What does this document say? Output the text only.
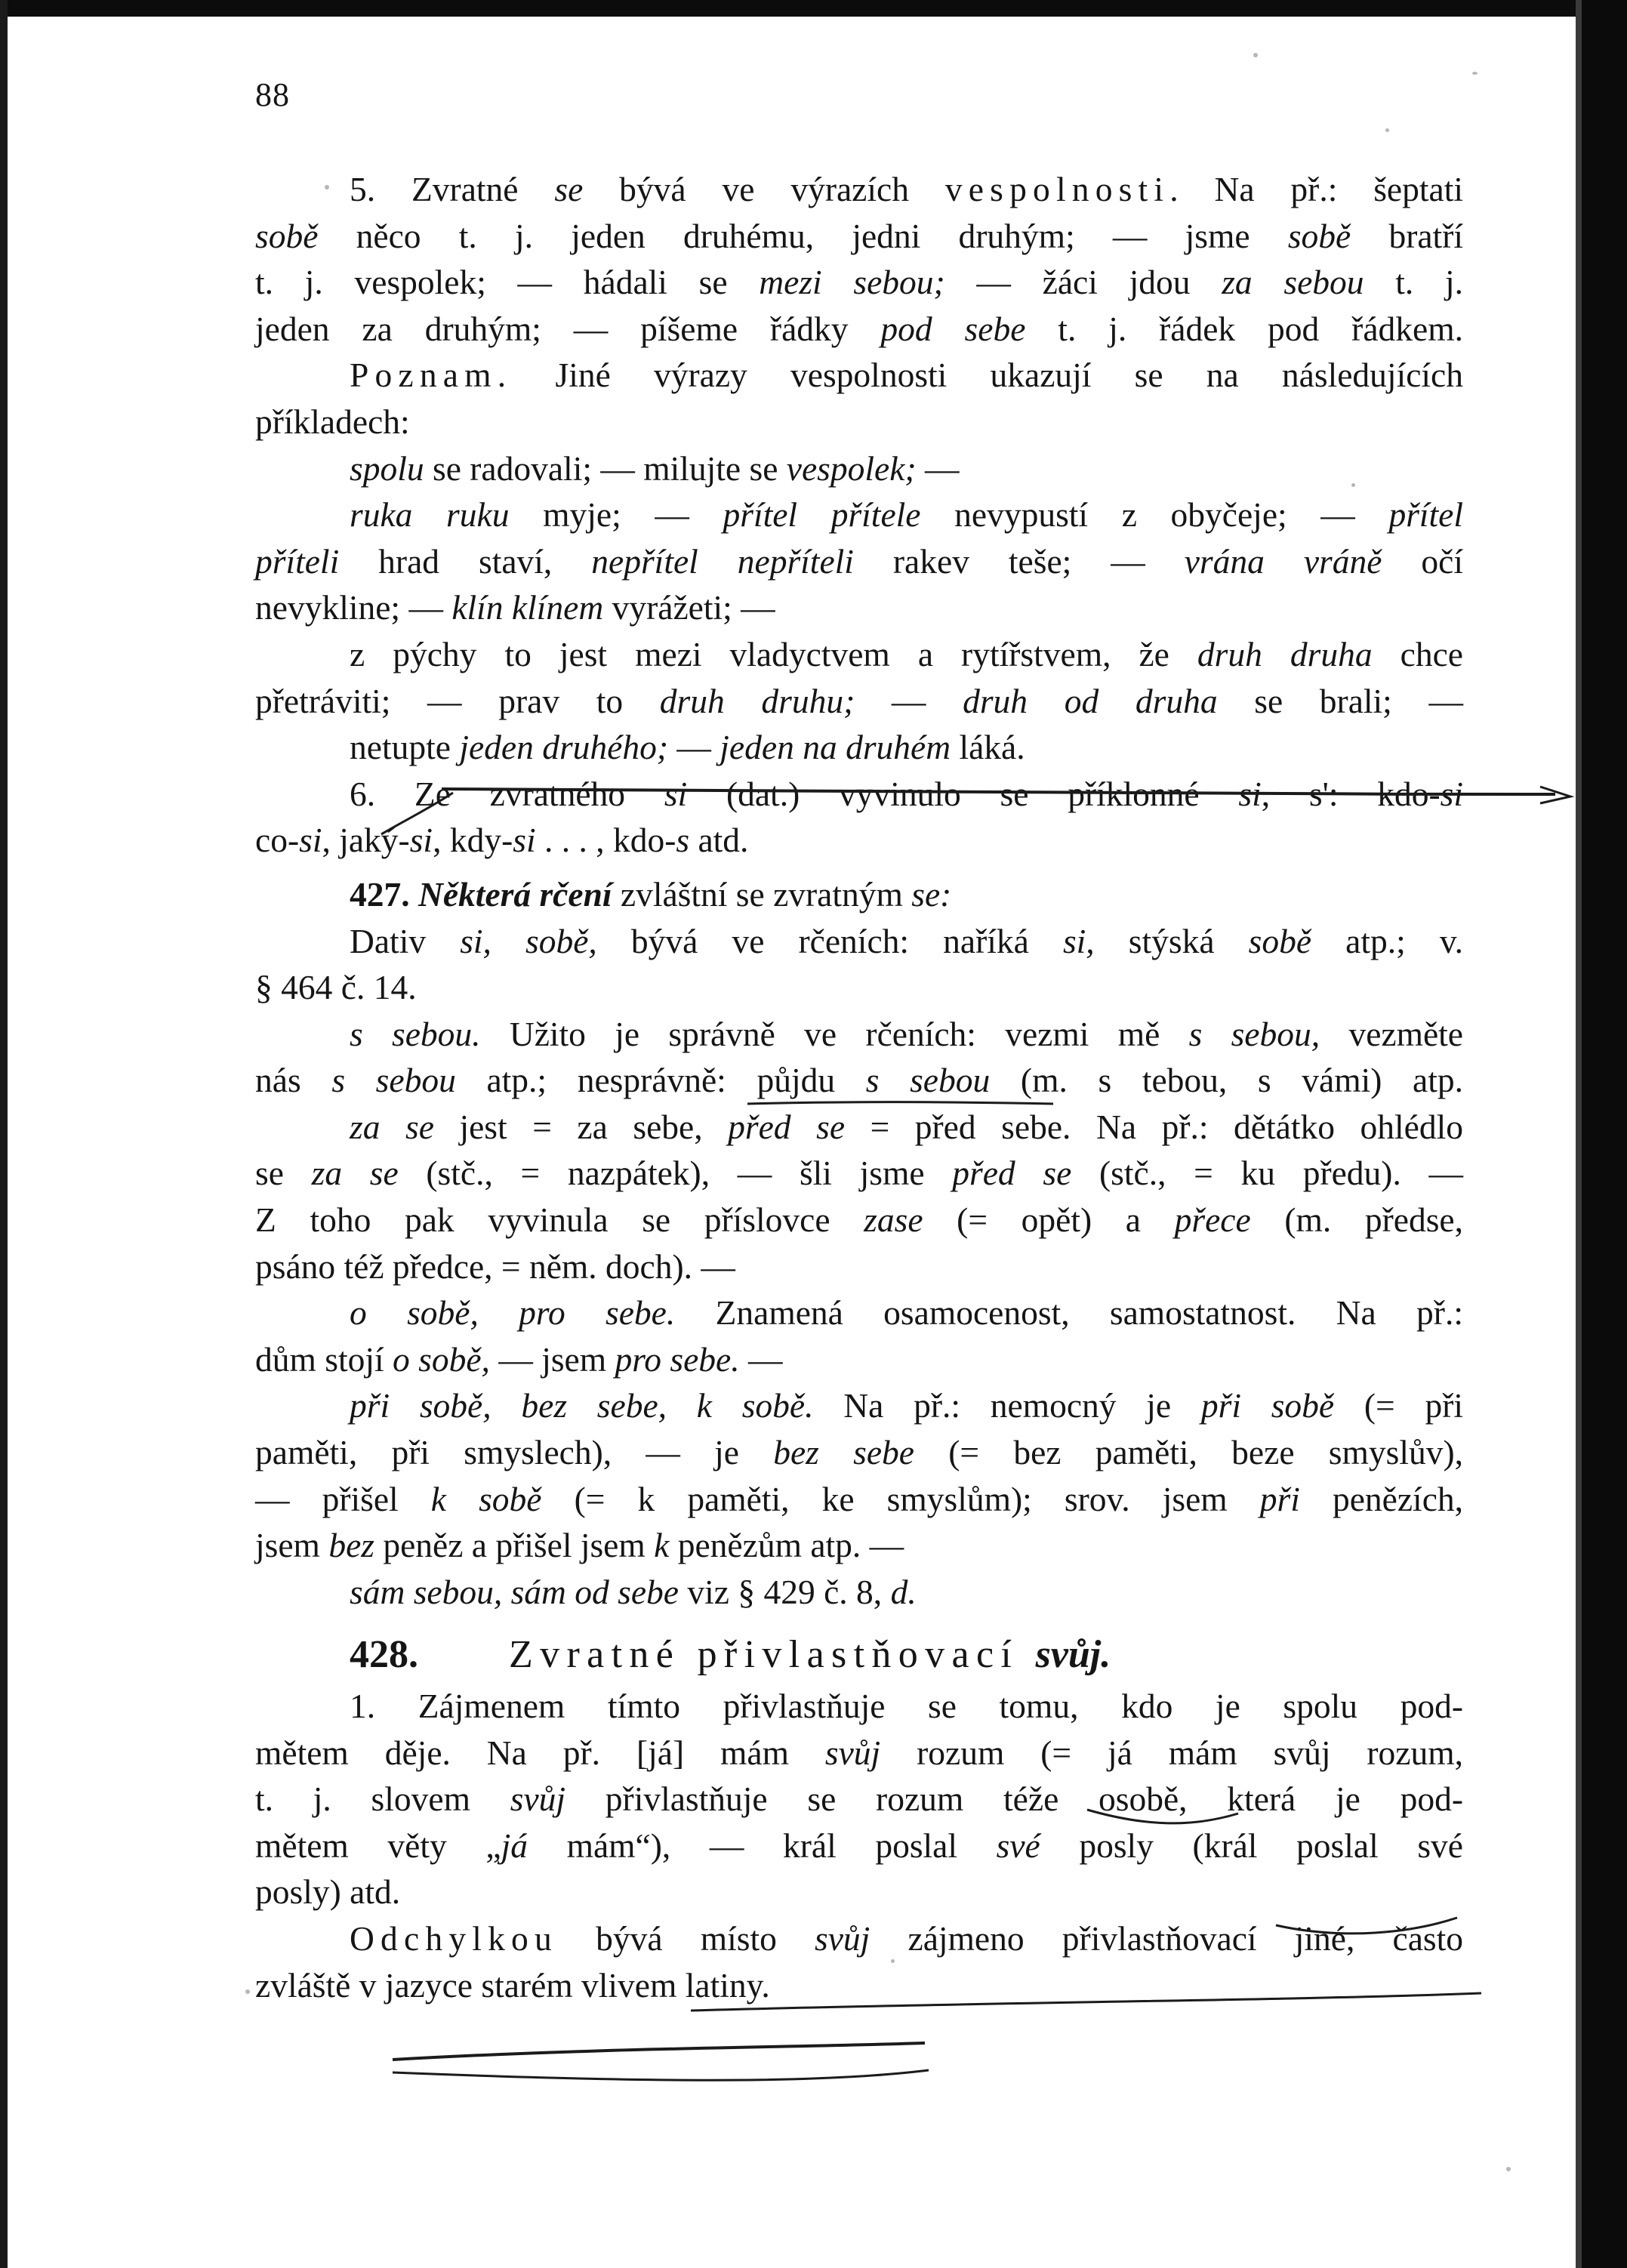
88
5. Zvratné se bývá ve výrazích vespolnosti. Na př.: šeptati
sobě něco t. j. jeden druhému, jedni druhým; — jsme sobě bratří
t. j. vespolek; — hádali se mezi sebou; — žáci jdou za sebou t. j.
jeden za druhým; — píšeme řádky pod sebe t. j. řádek pod řádkem.
Poznam. Jiné výrazy vespolnosti ukazují se na následujících
příkladech:
spolu se radovali; — milujte se vespolek; —
ruka ruku myje; — přítel přítele nevypustí z obyčeje; — přítel
příteli hrad staví, nepřítel nepříteli rakev teše; — vrána vráně očí
nevykline; — klín klínem vyrážeti; —
z pýchy to jest mezi vladyctvem a rytířstvem, že druh druha chce
přetráviti; — prav to druh druhu; — druh od druha se brali; —
netupte jeden druhého; — jeden na druhém láká.
6. Ze zvratného si (dat.) vyvinulo se příklonné si, s': kdo-si
co-si, jaký-si, kdy-si . . . , kdo-s atd.
427. Některá rčení zvláštní se zvratným se:
Dativ si, sobě, bývá ve rčeních: naříká si, stýská sobě atp.; v.
§ 464 č. 14.
s sebou. Užito je správně ve rčeních: vezmi mě s sebou, vezměte
nás s sebou atp.; nesprávně: půjdu s sebou (m. s tebou, s vámi) atp.
za se jest = za sebe, před se = před sebe. Na př.: dětátko ohlédlo
se za se (stč., = nazpátek), — šli jsme před se (stč., = ku předu). —
Z toho pak vyvinula se příslovce zase (= opět) a přece (m. předse,
psáno též předce, = něm. doch). —
o sobě, pro sebe. Znamená osamocenost, samostatnost. Na př.:
dům stojí o sobě, — jsem pro sebe. —
při sobě, bez sebe, k sobě. Na př.: nemocný je při sobě (= při
paměti, při smyslech), — je bez sebe (= bez paměti, beze smyslův),
— přišel k sobě (= k paměti, ke smyslům); srov. jsem při penězích,
jsem bez peněz a přišel jsem k penězům atp. —
sám sebou, sám od sebe viz § 429 č. 8, d.
428. Zvratné přivlastňovací svůj.
1. Zájmenem tímto přivlastňuje se tomu, kdo je spolu pod-
mětem děje. Na př. [já] mám svůj rozum (= já mám svůj rozum,
t. j. slovem svůj přivlastňuje se rozum téže osobě, která je pod-
mětem věty „já mám“), — král poslal své posly (král poslal své
posly) atd.
Odchylkou bývá místo svůj zájmeno přivlastňovací jiné, často
zvláště v jazyce starém vlivem latiny.
